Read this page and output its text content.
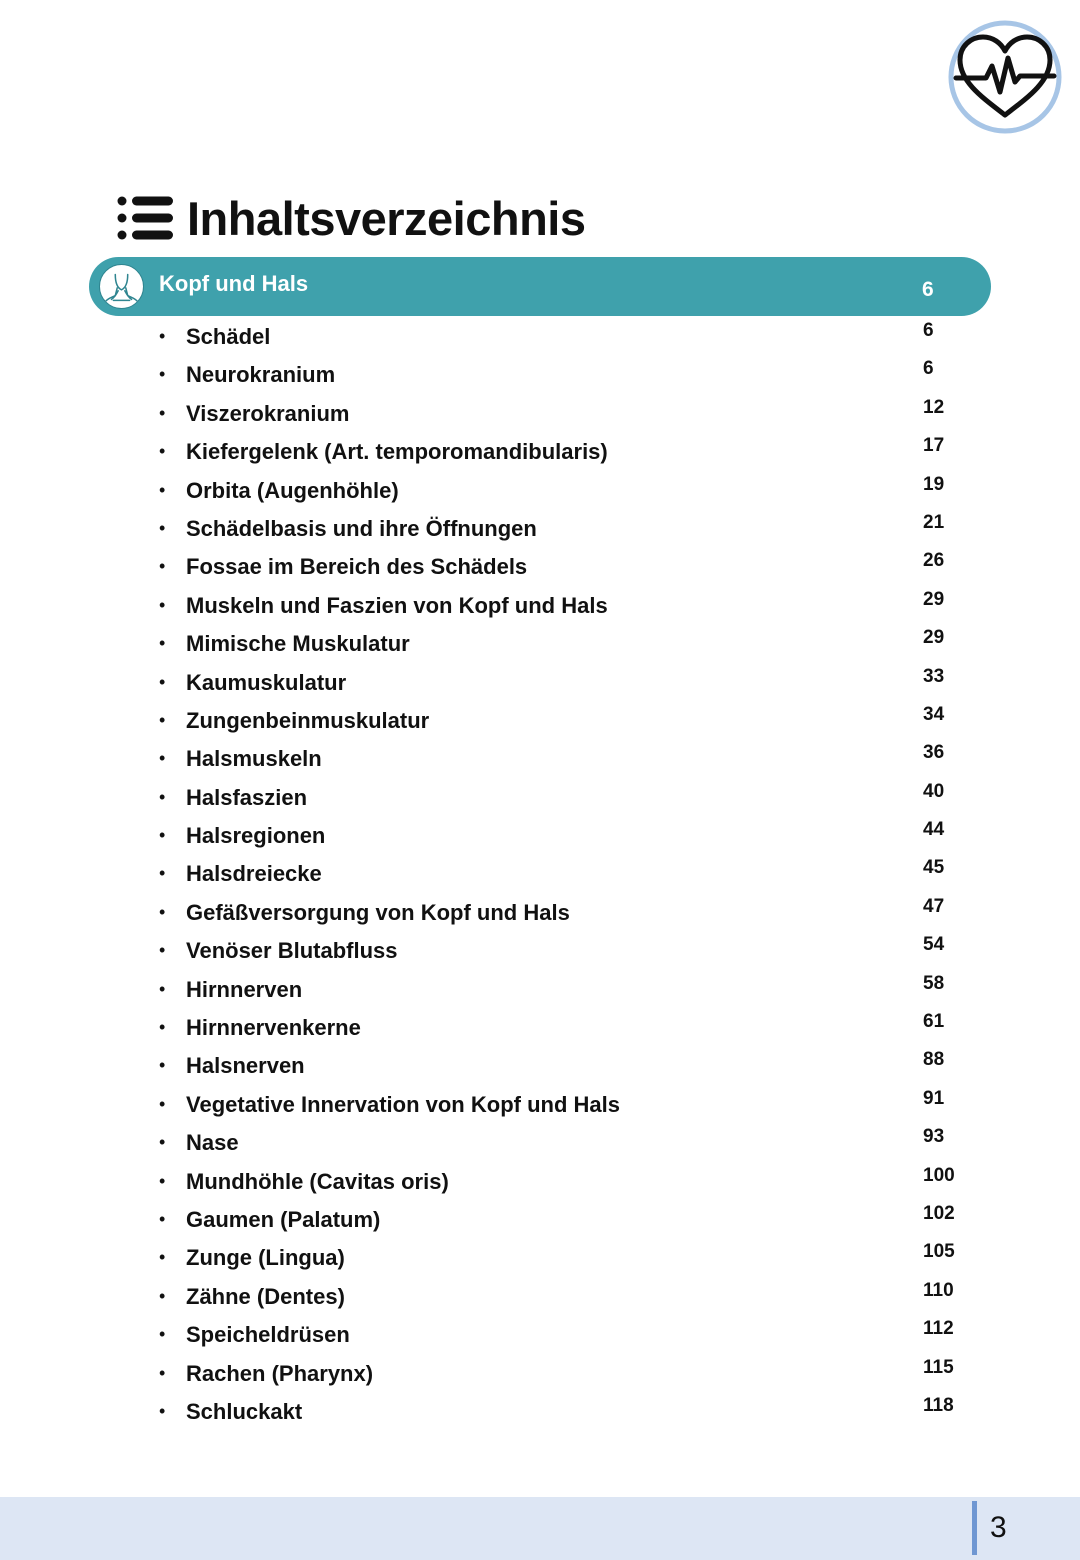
Inhaltsverzeichnis
Kopf und Hals	6
• Schädel	6
• Neurokranium	6
• Viszerokranium	12
• Kiefergelenk (Art. temporomandibularis)	17
• Orbita (Augenhöhle)	19
• Schädelbasis und ihre Öffnungen	21
• Fossae im Bereich des Schädels	26
• Muskeln und Faszien von Kopf und Hals	29
• Mimische Muskulatur	29
• Kaumuskulatur	33
• Zungenbeinmuskulatur	34
• Halsmuskeln	36
• Halsfaszien	40
• Halsregionen	44
• Halsdreiecke	45
• Gefäßversorgung von Kopf und Hals	47
• Venöser Blutabfluss	54
• Hirnnerven	58
• Hirnnervenkerne	61
• Halsnerven	88
• Vegetative Innervation von Kopf und Hals	91
• Nase	93
• Mundhöhle (Cavitas oris)	100
• Gaumen (Palatum)	102
• Zunge (Lingua)	105
• Zähne (Dentes)	110
• Speicheldrüsen	112
• Rachen (Pharynx)	115
• Schluckakt	118
3
